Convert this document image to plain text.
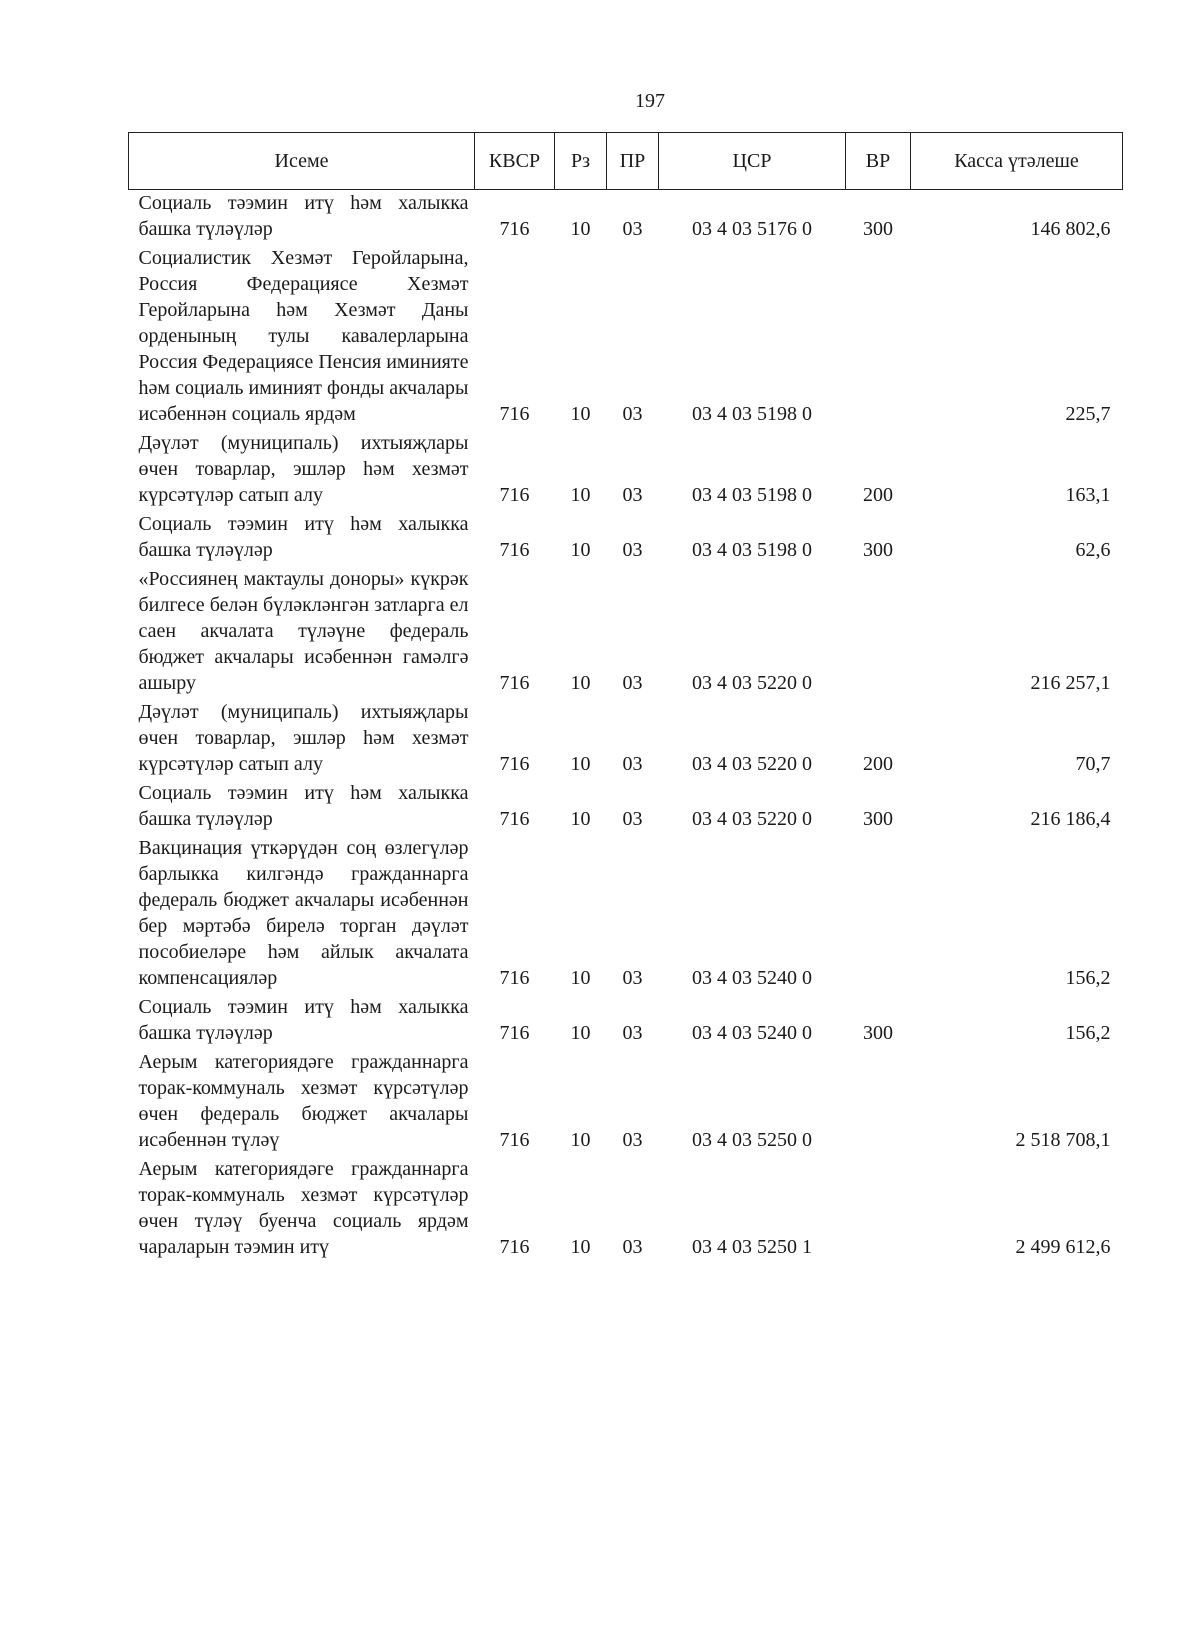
197
Исеме	КВСР	Рз	ПР	ЦСР	ВР	Касса үтәлеше
Социаль тәэмин итү һәм халыкка башка түләүләр	716	10	03	03 4 03 5176 0	300	146 802,6
Социалистик Хезмәт Геройларына, Россия Федерациясе Хезмәт Геройларына һәм Хезмәт Даны орденының тулы кавалерларына Россия Федерациясе Пенсия иминияте һәм социаль иминият фонды акчалары исәбеннән социаль ярдәм	716	10	03	03 4 03 5198 0		225,7
Дәүләт (муниципаль) ихтыяҗлары өчен товарлар, эшләр һәм хезмәт күрсәтүләр сатып алу	716	10	03	03 4 03 5198 0	200	163,1
Социаль тәэмин итү һәм халыкка башка түләүләр	716	10	03	03 4 03 5198 0	300	62,6
«Россиянең мактаулы доноры» күкрәк билгесе белән бүләкләнгән затларга ел саен акчалата түләүне федераль бюджет акчалары исәбеннән гамәлгә ашыру	716	10	03	03 4 03 5220 0		216 257,1
Дәүләт (муниципаль) ихтыяҗлары өчен товарлар, эшләр һәм хезмәт күрсәтүләр сатып алу	716	10	03	03 4 03 5220 0	200	70,7
Социаль тәэмин итү һәм халыкка башка түләүләр	716	10	03	03 4 03 5220 0	300	216 186,4
Вакцинация үткәрүдән соң өзлегүләр барлыкка килгәндә гражданнарга федераль бюджет акчалары исәбеннән бер мәртәбә бирелә торган дәүләт пособиеләре һәм айлык акчалата компенсацияләр	716	10	03	03 4 03 5240 0		156,2
Социаль тәэмин итү һәм халыкка башка түләүләр	716	10	03	03 4 03 5240 0	300	156,2
Аерым категориядәге гражданнарга торак-коммуналь хезмәт күрсәтүләр өчен федераль бюджет акчалары исәбеннән түләү	716	10	03	03 4 03 5250 0		2 518 708,1
Аерым категориядәге гражданнарга торак-коммуналь хезмәт күрсәтүләр өчен түләү буенча социаль ярдәм чараларын тәэмин итү	716	10	03	03 4 03 5250 1		2 499 612,6
